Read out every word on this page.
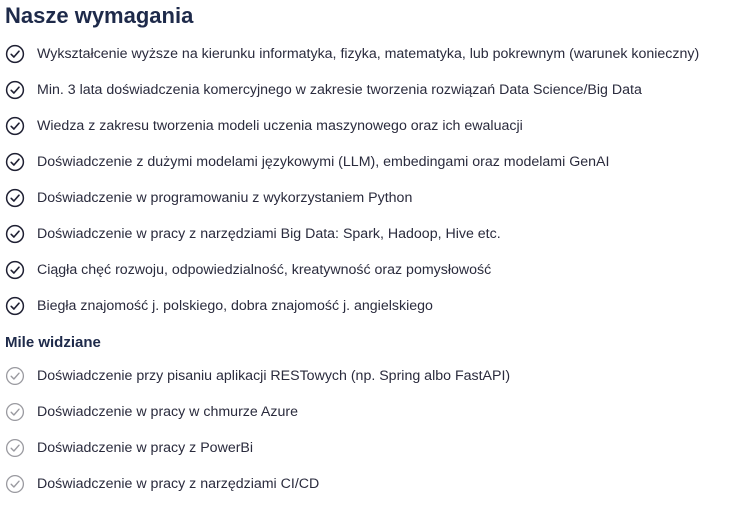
Nasze wymagania
Wykształcenie wyższe na kierunku informatyka, fizyka, matematyka, lub pokrewnym (warunek konieczny)
Min. 3 lata doświadczenia komercyjnego w zakresie tworzenia rozwiązań Data Science/Big Data
Wiedza z zakresu tworzenia modeli uczenia maszynowego oraz ich ewaluacji
Doświadczenie z dużymi modelami językowymi (LLM), embedingami oraz modelami GenAI
Doświadczenie w programowaniu z wykorzystaniem Python
Doświadczenie w pracy z narzędziami Big Data: Spark, Hadoop, Hive etc.
Ciągła chęć rozwoju, odpowiedzialność, kreatywność oraz pomysłowość
Biegła znajomość j. polskiego, dobra znajomość j. angielskiego
Mile widziane
Doświadczenie przy pisaniu aplikacji RESTowych (np. Spring albo FastAPI)
Doświadczenie w pracy w chmurze Azure
Doświadczenie w pracy z PowerBi
Doświadczenie w pracy z narzędziami CI/CD
